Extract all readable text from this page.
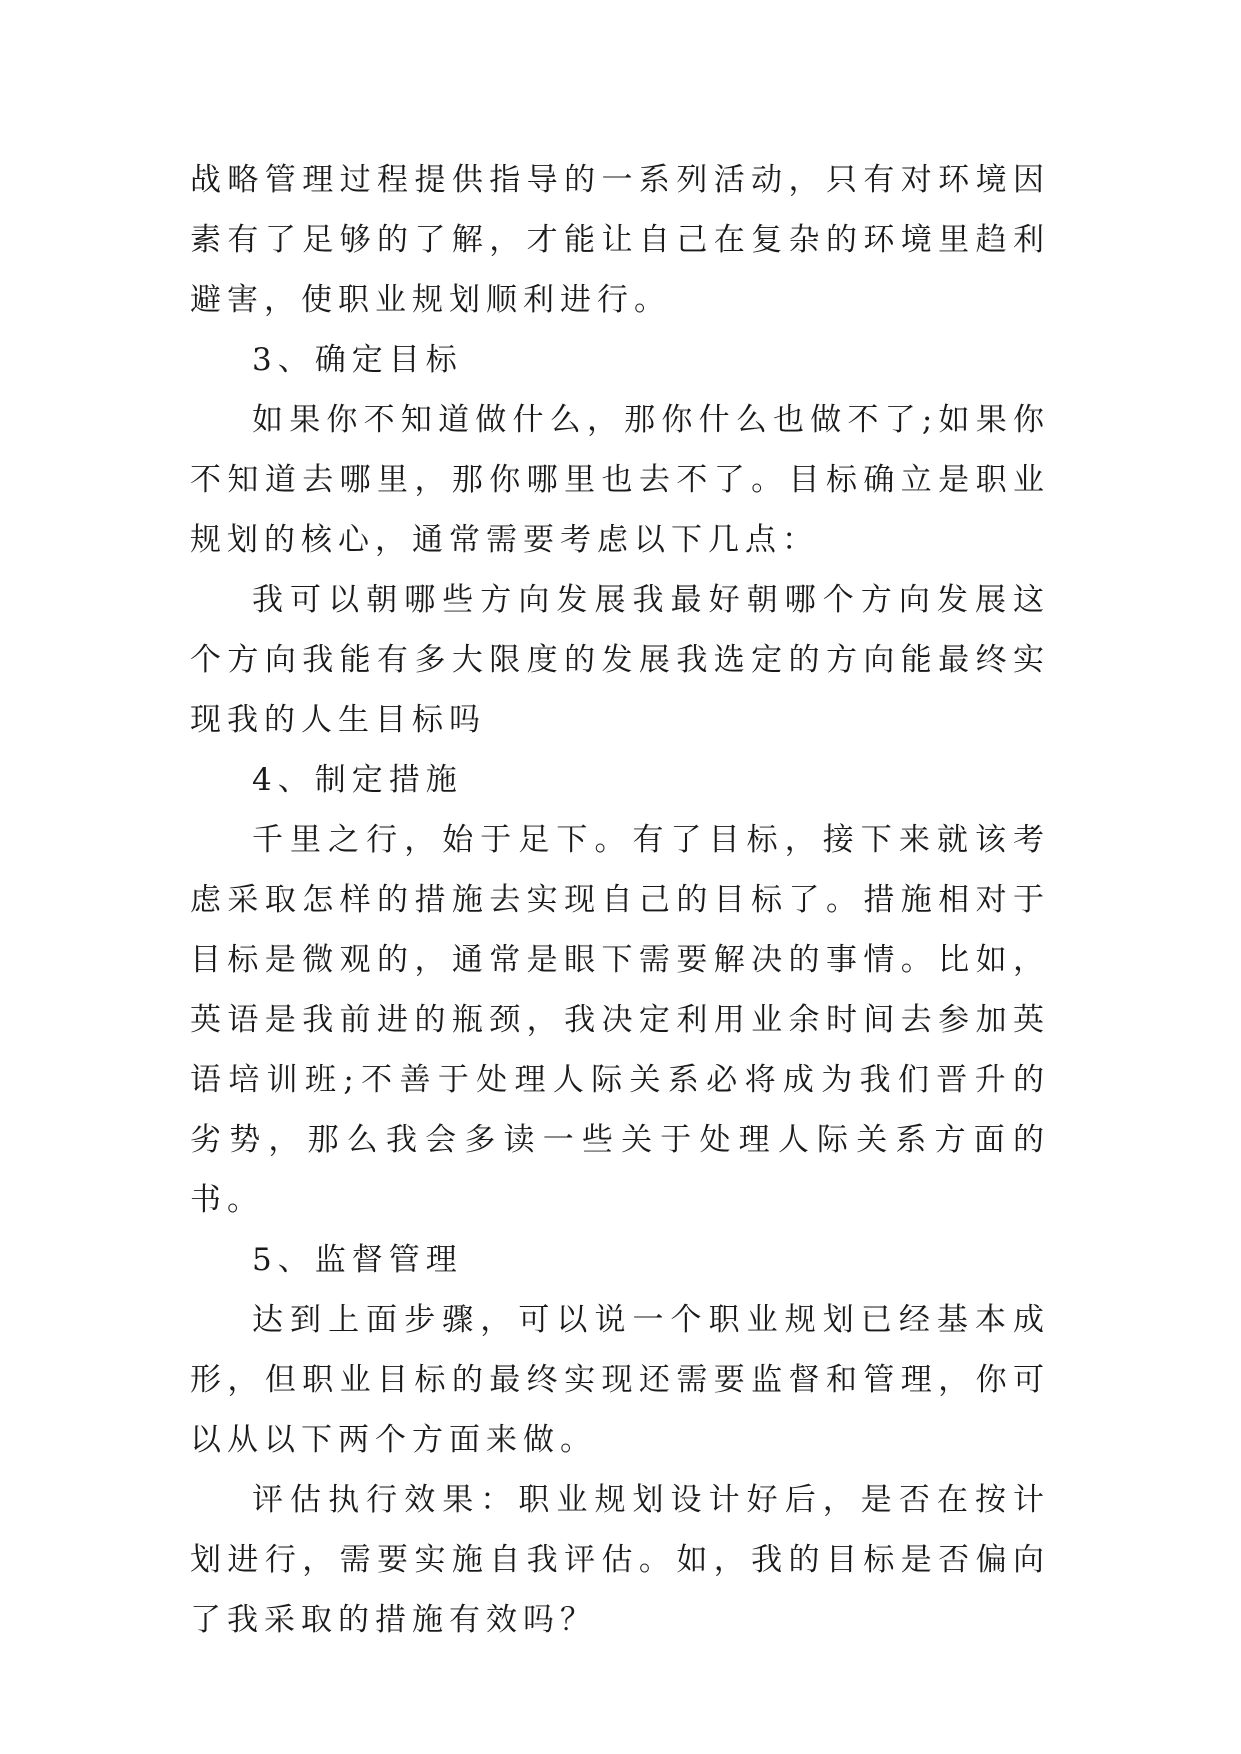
战略管理过程提供指导的一系列活动，只有对环境因素有了足够的了解，才能让自己在复杂的环境里趋利避害，使职业规划顺利进行。

3、确定目标

如果你不知道做什么，那你什么也做不了;如果你不知道去哪里，那你哪里也去不了。目标确立是职业规划的核心，通常需要考虑以下几点：

我可以朝哪些方向发展我最好朝哪个方向发展这个方向我能有多大限度的发展我选定的方向能最终实现我的人生目标吗

4、制定措施

千里之行，始于足下。有了目标，接下来就该考虑采取怎样的措施去实现自己的目标了。措施相对于目标是微观的，通常是眼下需要解决的事情。比如，英语是我前进的瓶颈，我决定利用业余时间去参加英语培训班;不善于处理人际关系必将成为我们晋升的劣势，那么我会多读一些关于处理人际关系方面的书。

5、监督管理

达到上面步骤，可以说一个职业规划已经基本成形，但职业目标的最终实现还需要监督和管理，你可以从以下两个方面来做。

评估执行效果：职业规划设计好后，是否在按计划进行，需要实施自我评估。如，我的目标是否偏向了我采取的措施有效吗？
